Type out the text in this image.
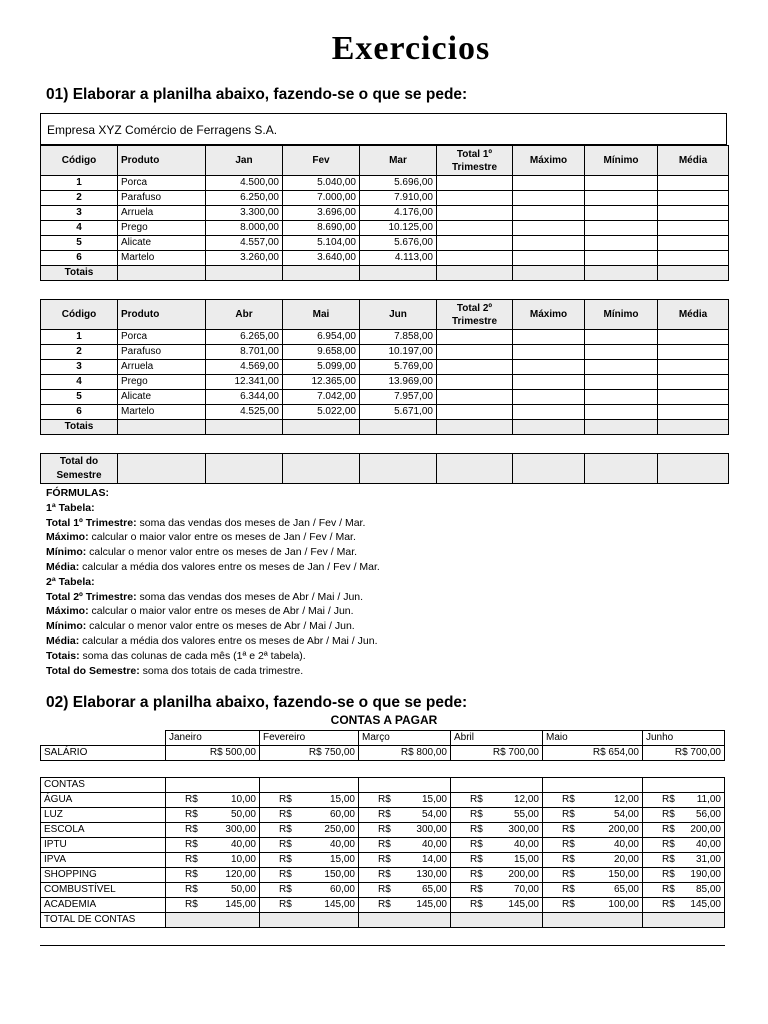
Exercicios
01) Elaborar a planilha abaixo, fazendo-se o que se pede:
Empresa XYZ Comércio de Ferragens S.A.
Código	Produto	Jan	Fev	Mar	Total 1º Trimestre	Máximo	Mínimo	Média
1	Porca	4.500,00	5.040,00	5.696,00				
2	Parafuso	6.250,00	7.000,00	7.910,00				
3	Arruela	3.300,00	3.696,00	4.176,00				
4	Prego	8.000,00	8.690,00	10.125,00				
5	Alicate	4.557,00	5.104,00	5.676,00				
6	Martelo	3.260,00	3.640,00	4.113,00				
Totais								
Código	Produto	Abr	Mai	Jun	Total 2º Trimestre	Máximo	Mínimo	Média
1	Porca	6.265,00	6.954,00	7.858,00				
2	Parafuso	8.701,00	9.658,00	10.197,00				
3	Arruela	4.569,00	5.099,00	5.769,00				
4	Prego	12.341,00	12.365,00	13.969,00				
5	Alicate	6.344,00	7.042,00	7.957,00				
6	Martelo	4.525,00	5.022,00	5.671,00				
Totais								
Total do Semestre								
FÓRMULAS:
1ª Tabela:
Total 1º Trimestre: soma das vendas dos meses de Jan / Fev / Mar.
Máximo: calcular o maior valor entre os meses de Jan / Fev / Mar.
Mínimo: calcular o menor valor entre os meses de Jan / Fev / Mar.
Média: calcular a média dos valores entre os meses de Jan / Fev / Mar.
2ª Tabela:
Total 2º Trimestre: soma das vendas dos meses de Abr / Mai / Jun.
Máximo: calcular o maior valor entre os meses de Abr / Mai / Jun.
Mínimo: calcular o menor valor entre os meses de Abr / Mai / Jun.
Média: calcular a média dos valores entre os meses de Abr / Mai / Jun.
Totais: soma das colunas de cada mês (1ª e 2ª tabela).
Total do Semestre: soma dos totais de cada trimestre.
02) Elaborar a planilha abaixo, fazendo-se o que se pede:
CONTAS A PAGAR
	Janeiro	Fevereiro	Março	Abril	Maio	Junho
SALÁRIO	R$ 500,00	R$ 750,00	R$ 800,00	R$ 700,00	R$ 654,00	R$ 700,00
CONTAS						
ÁGUA	R$ 10,00	R$ 15,00	R$ 15,00	R$ 12,00	R$ 12,00	R$ 11,00

LUZ	R$ 50,00	R$ 60,00	R$ 54,00	R$ 55,00	R$ 54,00	R$ 56,00

ESCOLA	R$ 300,00	R$ 250,00	R$ 300,00	R$ 300,00	R$ 200,00	R$ 200,00

IPTU	R$ 40,00	R$ 40,00	R$ 40,00	R$ 40,00	R$ 40,00	R$ 40,00

IPVA	R$ 10,00	R$ 15,00	R$ 14,00	R$ 15,00	R$ 20,00	R$ 31,00

SHOPPING	R$ 120,00	R$ 150,00	R$ 130,00	R$ 200,00	R$ 150,00	R$ 190,00

COMBUSTÍVEL	R$ 50,00	R$ 60,00	R$ 65,00	R$ 70,00	R$ 65,00	R$ 85,00

ACADEMIA	R$ 145,00	R$ 145,00	R$ 145,00	R$ 145,00	R$ 100,00	R$ 145,00

TOTAL DE CONTAS						
